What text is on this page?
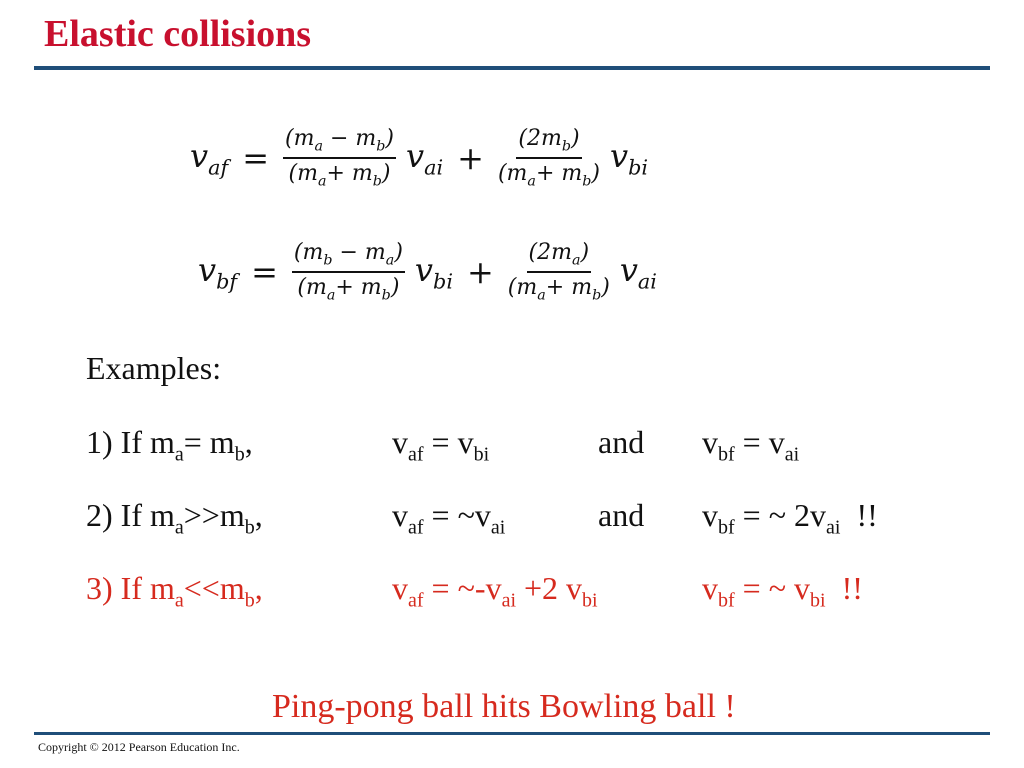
Elastic collisions
$v_{af} = \frac{(m_a - m_b)}{(m_a+ m_b)} v_{ai} + \frac{(2m_b)}{(m_a+ m_b)} v_{bi}$
$v_{bf} = \frac{(m_b - m_a)}{(m_a+ m_b)} v_{bi} + \frac{(2m_a)}{(m_a+ m_b)} v_{ai}$
Examples:
1) If $m_a= m_b$,	$v_{af} = v_{bi}$	and $v_{bf} = v_{ai}$
2) If $m_a>>m_b$,	$v_{af}$ = $\sim v_{ai}$	and $v_{bf}$ = ~ $2v_{ai}$  !!
3) If $m_a<<m_b$,	$v_{af}$ = $\sim-v_{ai} +2$ $v_{bi}$	$v_{bf}$ = ~ $v_{bi}$  !!
Ping-pong ball hits Bowling ball !
Copyright © 2012 Pearson Education Inc.
